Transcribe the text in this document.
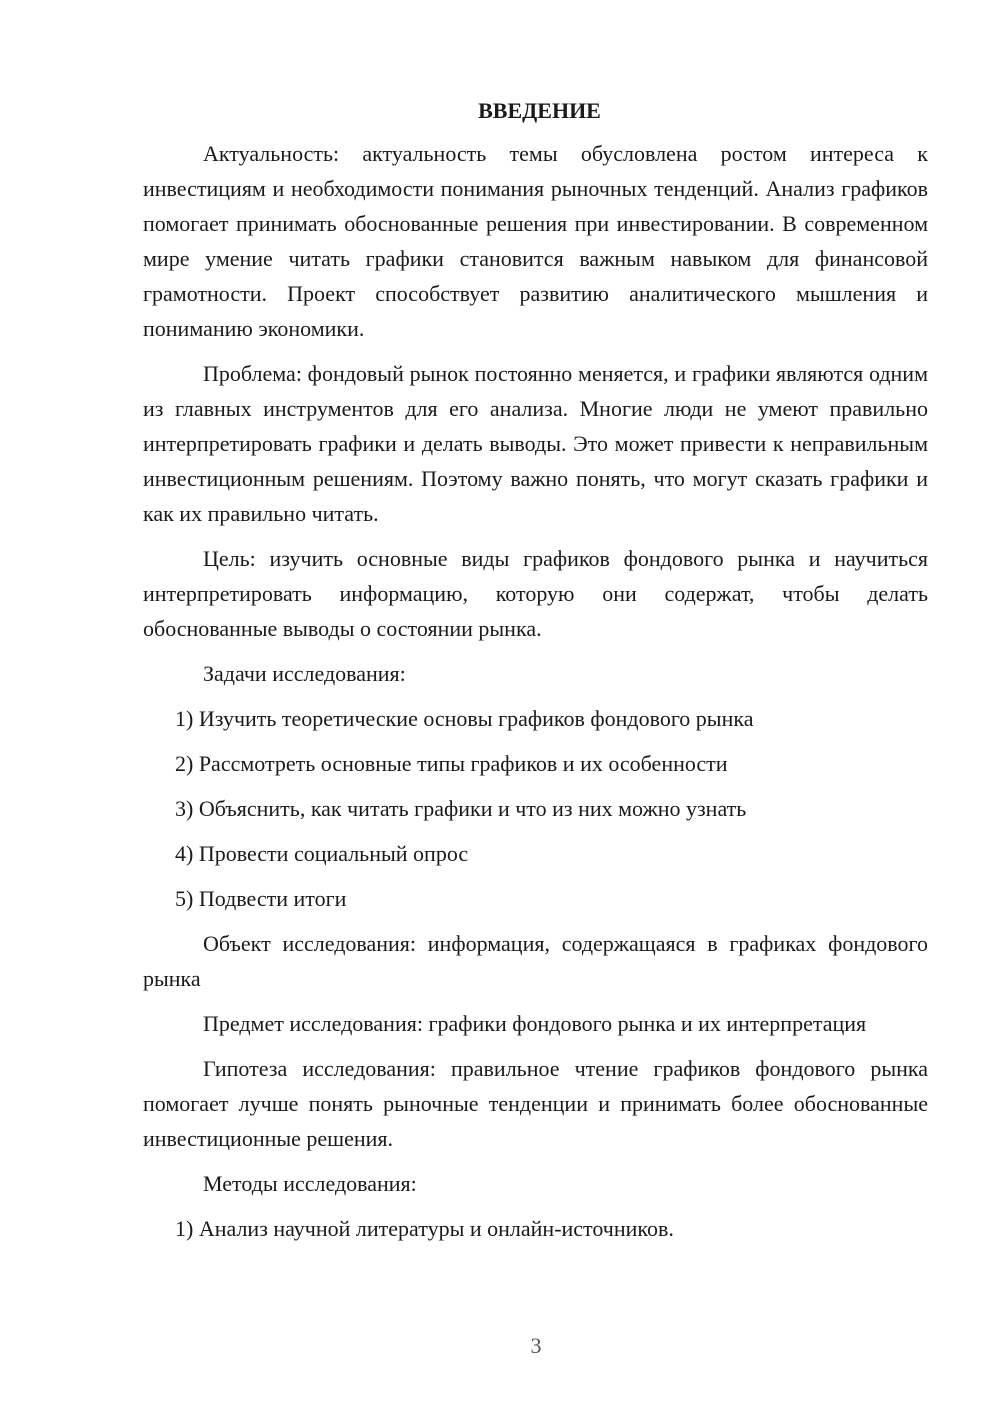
ВВЕДЕНИЕ

Актуальность: актуальность темы обусловлена ростом интереса к инвестициям и необходимости понимания рыночных тенденций. Анализ графиков помогает принимать обоснованные решения при инвестировании. В современном мире умение читать графики становится важным навыком для финансовой грамотности. Проект способствует развитию аналитического мышления и пониманию экономики.

Проблема: фондовый рынок постоянно меняется, и графики являются одним из главных инструментов для его анализа. Многие люди не умеют правильно интерпретировать графики и делать выводы. Это может привести к неправильным инвестиционным решениям. Поэтому важно понять, что могут сказать графики и как их правильно читать.

Цель: изучить основные виды графиков фондового рынка и научиться интерпретировать информацию, которую они содержат, чтобы делать обоснованные выводы о состоянии рынка.

Задачи исследования:
1) Изучить теоретические основы графиков фондового рынка
2) Рассмотреть основные типы графиков и их особенности
3) Объяснить, как читать графики и что из них можно узнать
4) Провести социальный опрос
5) Подвести итоги

Объект исследования: информация, содержащаяся в графиках фондового рынка

Предмет исследования: графики фондового рынка и их интерпретация

Гипотеза исследования: правильное чтение графиков фондового рынка помогает лучше понять рыночные тенденции и принимать более обоснованные инвестиционные решения.

Методы исследования:
1) Анализ научной литературы и онлайн-источников.
3
